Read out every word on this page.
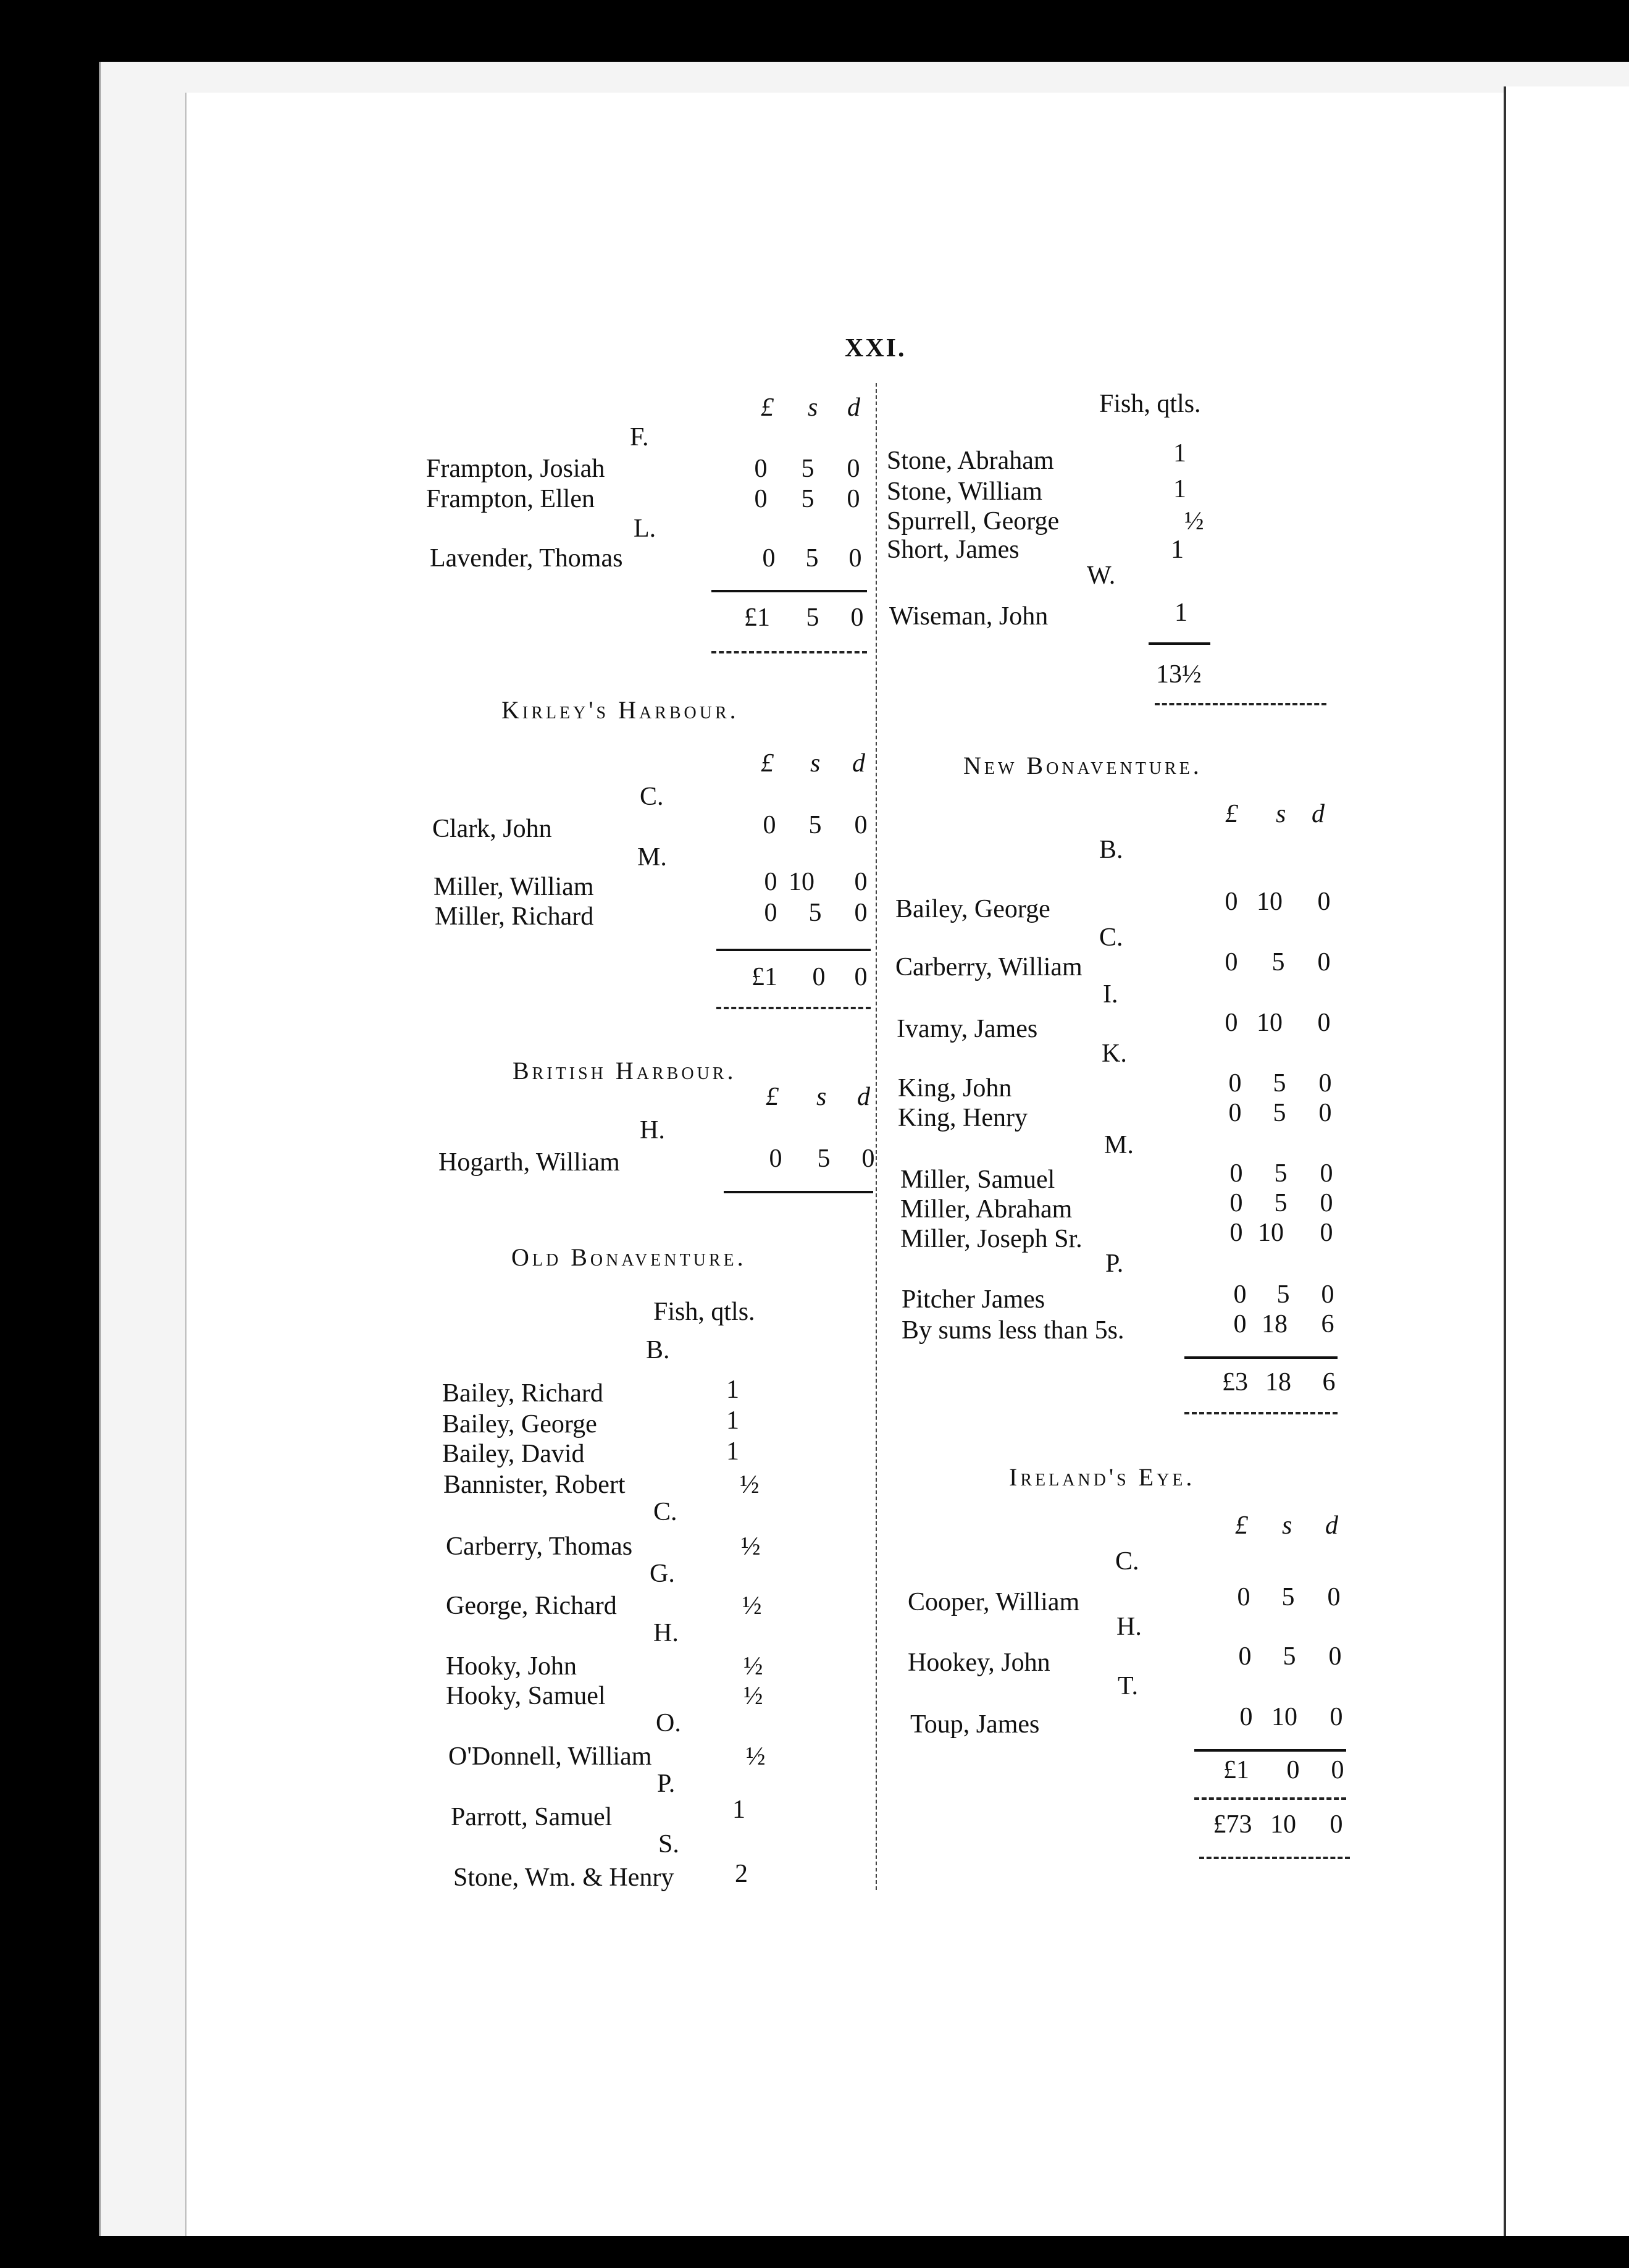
XXI.
£ s d
F.
Frampton, Josiah	0	5	0
Frampton, Ellen	0	5	0
L.
Lavender, Thomas	0	5	0
£1	5	0
Kirley's Harbour.
£ s d
C.
Clark, John	0	5	0
M.
Miller, William	0 10	0
Miller, Richard	0	5	0
£1	0	0
British Harbour.
£ s d
H.
Hogarth, William	0	5	0
Old Bonaventure.
Fish, qtls.
B.
Bailey, Richard	1
Bailey, George	1
Bailey, David	1
Bannister, Robert	½
C.
Carberry, Thomas	½
G.
George, Richard	½
H.
Hooky, John	½
Hooky, Samuel	½
O.
O'Donnell, William	½
P.
Parrott, Samuel	1
S.
Stone, Wm. & Henry 2
Fish, qtls.
Stone, Abraham	1
Stone, William	1
Spurrell, George	½
Short, James	1
W.
Wiseman, John	1
13½
New Bonaventure.
£ s d
B.
Bailey, George	0 10	0
C.
Carberry, William	0	5	0
I.
Ivamy, James	0 10	0
K.
King, John	0	5	0
King, Henry	0	5	0
M.
Miller, Samuel	0	5	0
Miller, Abraham	0	5	0
Miller, Joseph Sr.	0 10	0
P.
Pitcher James	0	5	0
By sums less than 5s.	0 18	6
£3 18	6
Ireland's Eye.
£ s d
C.
Cooper, William	0	5	0
H.
Hookey, John	0	5	0
T.
Toup, James	0 10	0
£1	0	0
£73 10	0
